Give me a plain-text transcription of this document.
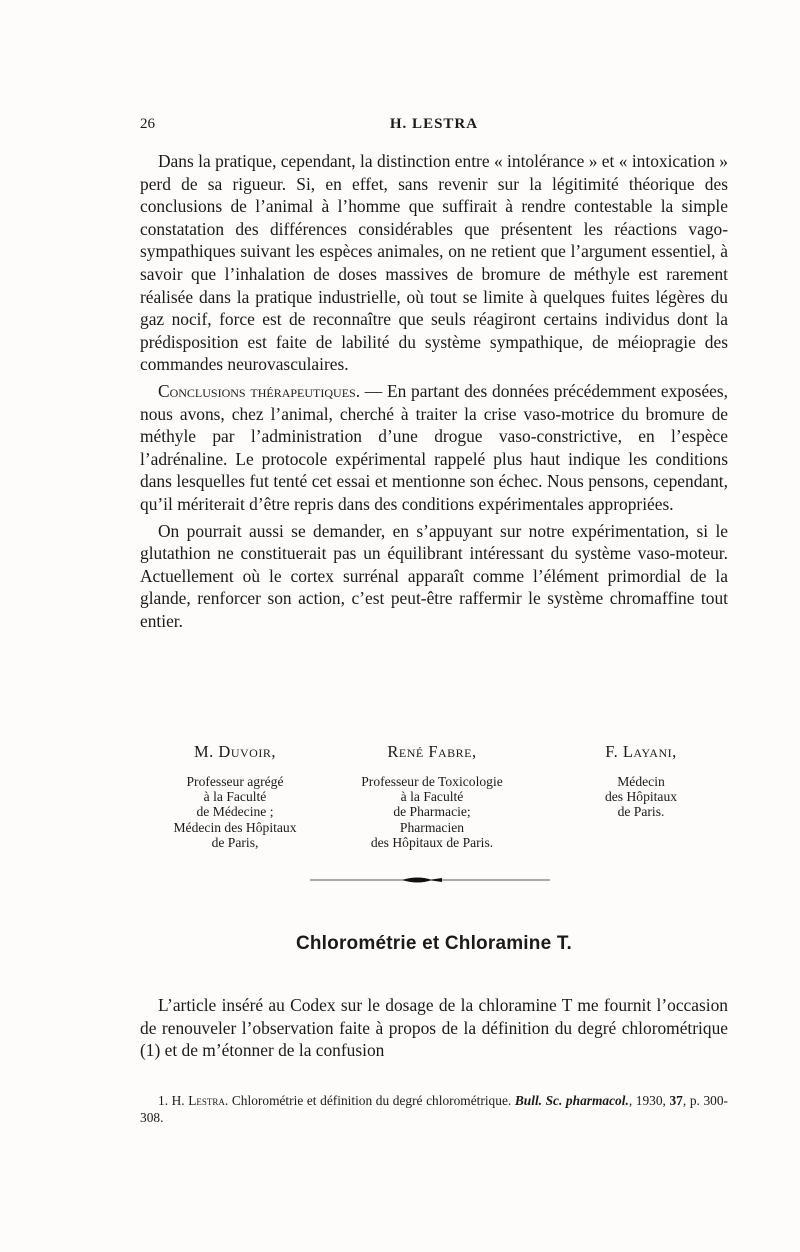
26	H. LESTRA

Dans la pratique, cependant, la distinction entre « intolérance » et « intoxication » perd de sa rigueur. Si, en effet, sans revenir sur la légitimité théorique des conclusions de l’animal à l’homme que suffirait à rendre contestable la simple constatation des différences considérables que présentent les réactions vago-sympathiques suivant les espèces animales, on ne retient que l’argument essentiel, à savoir que l’inhalation de doses massives de bromure de méthyle est rarement réalisée dans la pratique industrielle, où tout se limite à quelques fuites légères du gaz nocif, force est de reconnaître que seuls réagiront certains individus dont la prédisposition est faite de labilité du système sympathique, de méiopragie des commandes neurovasculaires.

Conclusions thérapeutiques. — En partant des données précédemment exposées, nous avons, chez l’animal, cherché à traiter la crise vaso-motrice du bromure de méthyle par l’administration d’une drogue vaso-constrictive, en l’espèce l’adrénaline. Le protocole expérimental rappelé plus haut indique les conditions dans lesquelles fut tenté cet essai et mentionne son échec. Nous pensons, cependant, qu’il mériterait d’être repris dans des conditions expérimentales appropriées.

On pourrait aussi se demander, en s’appuyant sur notre expérimentation, si le glutathion ne constituerait pas un équilibrant intéressant du système vaso-moteur. Actuellement où le cortex surrénal apparaît comme l’élément primordial de la glande, renforcer son action, c’est peut-être raffermir le système chromaffine tout entier.

M. Duvoir,
Professeur agrégé
à la Faculté
de Médecine ;
Médecin des Hôpitaux
de Paris,
René Fabre,
Professeur de Toxicologie
à la Faculté
de Pharmacie;
Pharmacien
des Hôpitaux de Paris.
F. Layani,
Médecin
des Hôpitaux
de Paris.
Chlorométrie et Chloramine T.

L’article inséré au Codex sur le dosage de la chloramine T me fournit l’occasion de renouveler l’observation faite à propos de la définition du degré chlorométrique (1) et de m’étonner de la confusion

1. H. Lestra. Chlorométrie et définition du degré chlorométrique. Bull. Sc. pharmacol., 1930, 37, p. 300-308.
